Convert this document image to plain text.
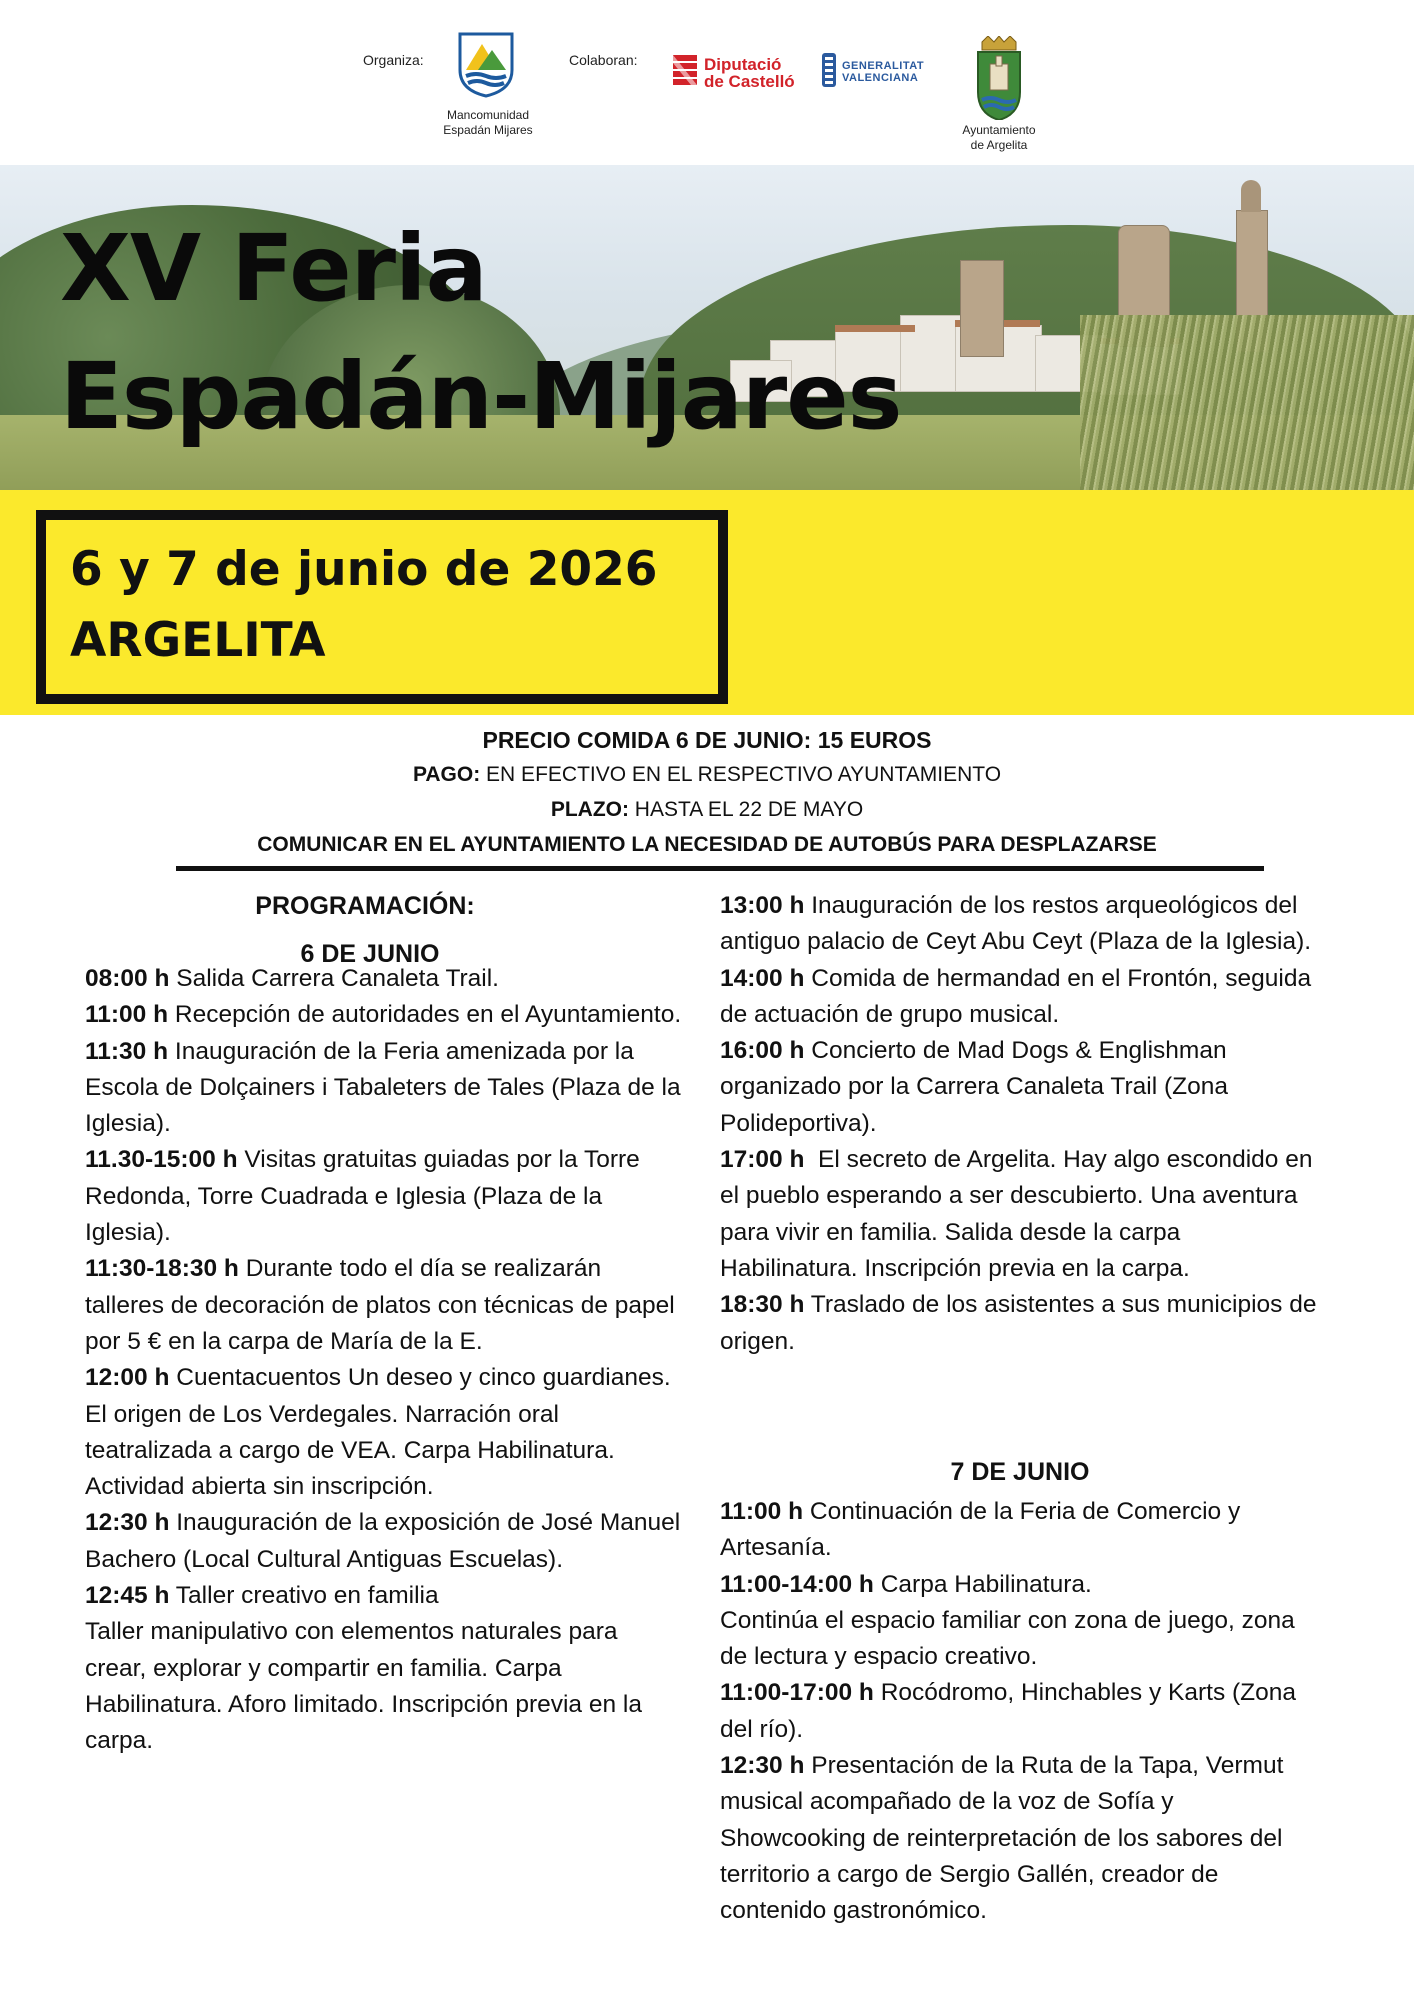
Organiza:
Mancomunidad
Espadán Mijares
Colaboran:	Diputació
de Castelló
GENERALITAT
VALENCIANA
Ayuntamiento
de Argelita
XV Feria
Espadán-Mijares
6 y 7 de junio de 2026
ARGELITA
PRECIO COMIDA 6 DE JUNIO: 15 EUROS
PAGO: EN EFECTIVO EN EL RESPECTIVO AYUNTAMIENTO
PLAZO: HASTA EL 22 DE MAYO
COMUNICAR EN EL AYUNTAMIENTO LA NECESIDAD DE AUTOBÚS PARA DESPLAZARSE
PROGRAMACIÓN:
6 DE JUNIO

08:00 h Salida Carrera Canaleta Trail.

11:00 h Recepción de autoridades en el Ayuntamiento.

11:30 h Inauguración de la Feria amenizada por la Escola de Dolçainers i Tabaleters de Tales (Plaza de la Iglesia).

11.30-15:00 h Visitas gratuitas guiadas por la Torre Redonda, Torre Cuadrada e Iglesia (Plaza de la Iglesia).

11:30-18:30 h Durante todo el día se realizarán talleres de decoración de platos con técnicas de papel por 5 € en la carpa de María de la E.

12:00 h Cuentacuentos Un deseo y cinco guardianes. El origen de Los Verdegales. Narración oral teatralizada a cargo de VEA. Carpa Habilinatura. Actividad abierta sin inscripción.

12:30 h Inauguración de la exposición de José Manuel Bachero (Local Cultural Antiguas Escuelas).

12:45 h Taller creativo en familia

Taller manipulativo con elementos naturales para crear, explorar y compartir en familia. Carpa Habilinatura. Aforo limitado. Inscripción previa en la carpa.

13:00 h Inauguración de los restos arqueológicos del antiguo palacio de Ceyt Abu Ceyt (Plaza de la Iglesia).

14:00 h Comida de hermandad en el Frontón, seguida de actuación de grupo musical.

16:00 h Concierto de Mad Dogs & Englishman organizado por la Carrera Canaleta Trail (Zona Polideportiva).

17:00 h  El secreto de Argelita. Hay algo escondido en el pueblo esperando a ser descubierto. Una aventura para vivir en familia. Salida desde la carpa Habilinatura. Inscripción previa en la carpa.

18:30 h Traslado de los asistentes a sus municipios de origen.

7 DE JUNIO

11:00 h Continuación de la Feria de Comercio y Artesanía.

11:00-14:00 h Carpa Habilinatura.

Continúa el espacio familiar con zona de juego, zona de lectura y espacio creativo.

11:00-17:00 h Rocódromo, Hinchables y Karts (Zona del río).

12:30 h Presentación de la Ruta de la Tapa, Vermut musical acompañado de la voz de Sofía y Showcooking de reinterpretación de los sabores del territorio a cargo de Sergio Gallén, creador de contenido gastronómico.
